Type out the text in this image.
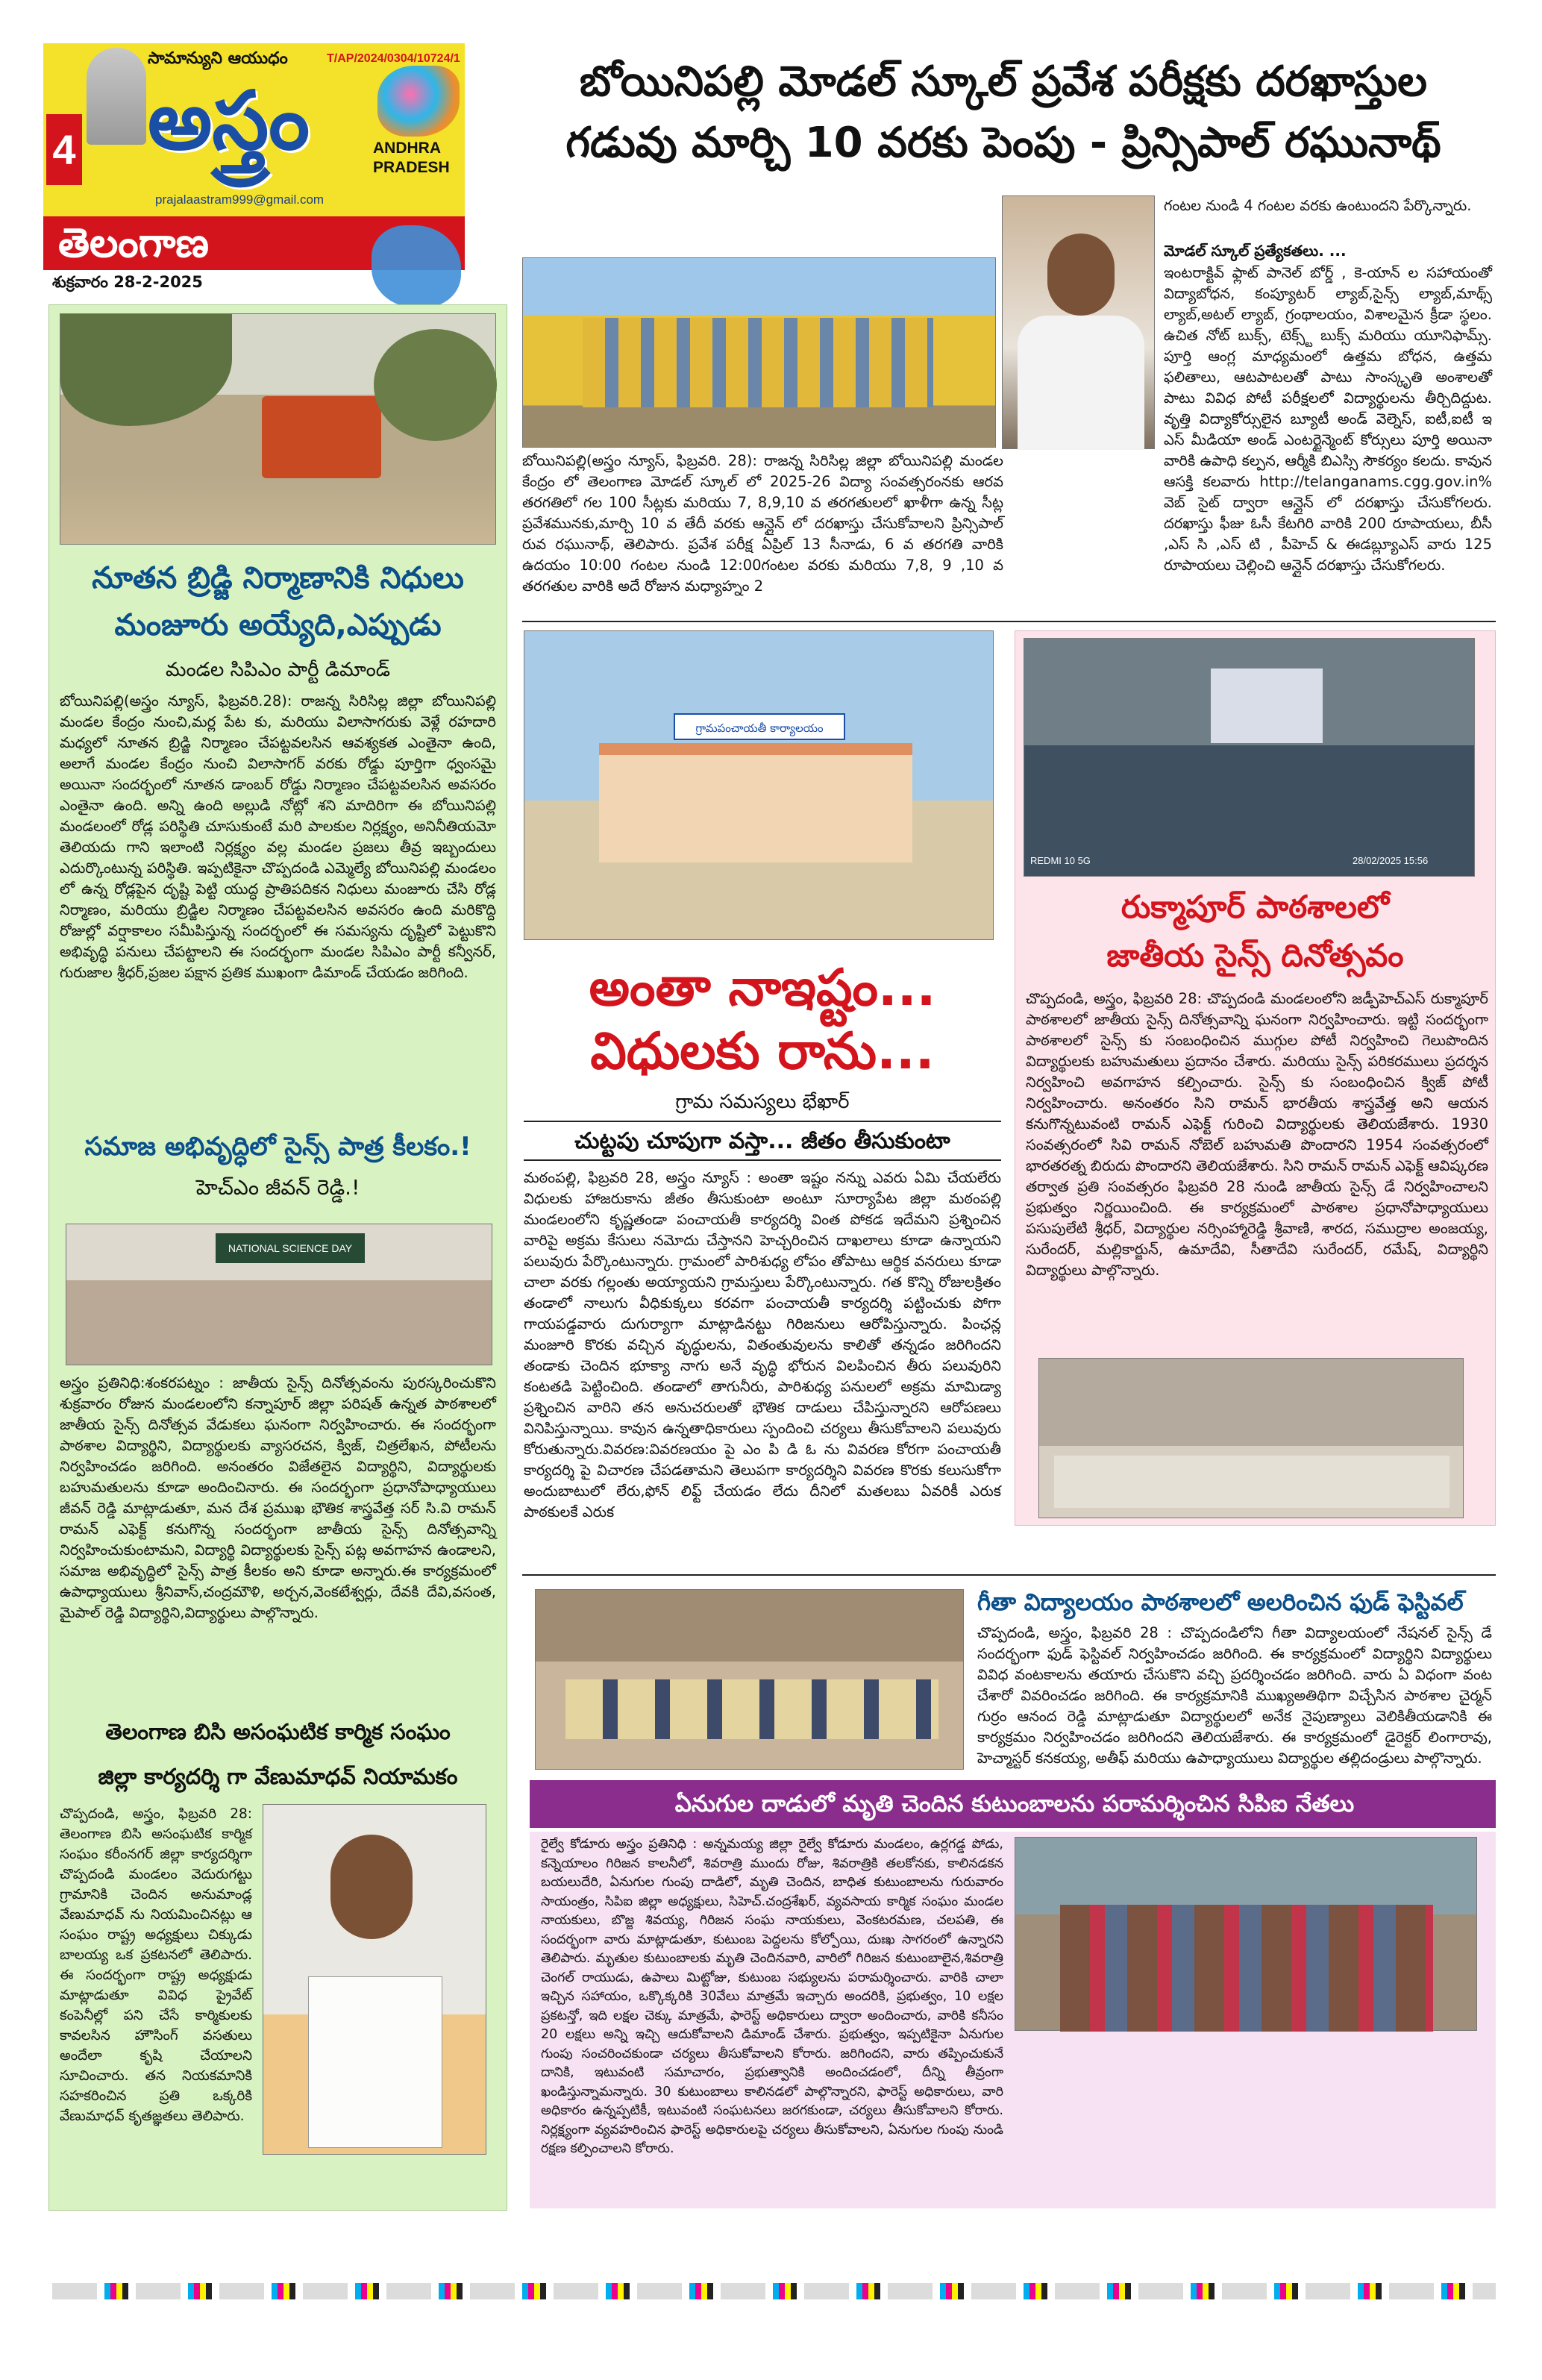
4
సామాన్యుని ఆయుధం	T/AP/2024/0304/10724/1
అస్త్రం	ANDHRA PRADESH
prajalaastram999@gmail.com
తెలంగాణ
శుక్రవారం 28-2-2025
బోయినిపల్లి మోడల్ స్కూల్ ప్రవేశ పరీక్షకు దరఖాస్తుల
గడువు మార్చి 10 వరకు పెంపు - ప్రిన్సిపాల్ రఘునాథ్
బోయినిపల్లి(అస్త్రం న్యూస్, ఫిబ్రవరి. 28): రాజన్న సిరిసిల్ల జిల్లా బోయినిపల్లి మండల కేంద్రం లో తెలంగాణ మోడల్ స్కూల్ లో 2025-26 విద్యా సంవత్సరంనకు ఆరవ తరగతిలో గల 100 సీట్లకు మరియు 7, 8,9,10 వ తరగతులలో ఖాళీగా ఉన్న సీట్ల ప్రవేశమునకు,మార్చి 10 వ తేదీ వరకు ఆన్లైన్ లో దరఖాస్తు చేసుకోవాలని ప్రిన్సిపాల్ రువ రఘునాథ్, తెలిపారు. ప్రవేశ పరీక్ష ఏప్రిల్ 13 సీనాడు, 6 వ తరగతి వారికి ఉదయం 10:00 గంటల నుండి 12:00గంటల వరకు మరియు 7,8, 9 ,10 వ తరగతుల వారికి అదే రోజున మధ్యాహ్నం 2
గంటల నుండి 4 గంటల వరకు ఉంటుందని పేర్కొన్నారు.
మోడల్ స్కూల్ ప్రత్యేకతలు. ...
ఇంటరాక్టివ్ ఫ్లాట్ పానెల్ బోర్డ్ , కె-యాన్ ల సహాయంతో విద్యాబోధన, కంప్యూటర్ ల్యాబ్,సైన్స్ ల్యాబ్,మాథ్స్ ల్యాబ్,అటల్ ల్యాబ్, గ్రంథాలయం, విశాలమైన క్రీడా స్థలం. ఉచిత నోట్ బుక్స్, టెక్స్ట్ బుక్స్ మరియు యూనిఫామ్స్. పూర్తి ఆంగ్ల మాధ్యమంలో ఉత్తమ బోధన, ఉత్తమ ఫలితాలు, ఆటపాటలతో పాటు సాంస్కృతి అంశాలతో పాటు వివిధ పోటీ పరీక్షలలో విద్యార్థులను తీర్చిదిద్దుట. వృత్తి విద్యాకోర్సులైన బ్యూటీ అండ్ వెల్నెస్, ఐటీ,ఐటీ ఇ ఎస్ మీడియా అండ్ ఎంటర్టైన్మెంట్ కోర్సులు పూర్తి అయినా వారికి ఉపాధి కల్పన, ఆర్మీకి బిఎస్సి సౌకర్యం కలదు. కావున ఆసక్తి కలవారు http://telanganams.cgg.gov.in% వెబ్ సైట్ ద్వారా ఆన్లైన్ లో దరఖాస్తు చేసుకోగలరు. దరఖాస్తు ఫీజు ఓసీ కేటగిరి వారికి 200 రూపాయలు, బీసీ ,ఎస్ సి ,ఎస్ టి , పీహెచ్ & ఈడబ్ల్యూఎస్ వారు 125 రూపాయలు చెల్లించి ఆన్లైన్ దరఖాస్తు చేసుకోగలరు.
నూతన బ్రిడ్జి నిర్మాణానికి నిధులు
మంజూరు అయ్యేది,ఎప్పుడు
మండల సిపిఎం పార్టీ డిమాండ్
బోయినిపల్లి(అస్త్రం న్యూస్, ఫిబ్రవరి.28): రాజన్న సిరిసిల్ల జిల్లా బోయినిపల్లి మండల కేంద్రం నుంచి,మర్ల పేట కు, మరియు విలాసాగరుకు వెళ్లే రహదారి మధ్యలో నూతన బ్రిడ్జి నిర్మాణం చేపట్టవలసిన ఆవశ్యకత ఎంతైనా ఉంది, అలాగే మండల కేంద్రం నుంచి విలాసాగర్ వరకు రోడ్డు పూర్తిగా ధ్వంసమై అయినా సందర్భంలో నూతన డాంబర్ రోడ్డు నిర్మాణం చేపట్టవలసిన అవసరం ఎంతైనా ఉంది. అన్ని ఉంది అల్లుడి నోట్లో శని మాదిరిగా ఈ బోయినిపల్లి మండలంలో రోడ్ల పరిస్థితి చూసుకుంటే మరి పాలకుల నిర్లక్ష్యం, అనినీతియమో తెలియదు గాని ఇలాంటి నిర్లక్ష్యం వల్ల మండల ప్రజలు తీవ్ర ఇబ్బందులు ఎదుర్కొంటున్న పరిస్థితి. ఇప్పటికైనా చొప్పదండి ఎమ్మెల్యే బోయినిపల్లి మండలం లో ఉన్న రోడ్లపైన దృష్టి పెట్టి యుద్ధ ప్రాతిపదికన నిధులు మంజూరు చేసి రోడ్ల నిర్మాణం, మరియు బ్రిడ్జిల నిర్మాణం చేపట్టవలసిన అవసరం ఉంది మరికొద్ది రోజుల్లో వర్షాకాలం సమీపిస్తున్న సందర్భంలో ఈ సమస్యను దృష్టిలో పెట్టుకొని అభివృద్ధి పనులు చేపట్టాలని ఈ సందర్భంగా మండల సిపిఎం పార్టీ కన్వీనర్, గురుజాల శ్రీధర్,ప్రజల పక్షాన ప్రతిక ముఖంగా డిమాండ్ చేయడం జరిగింది.
సమాజ అభివృద్ధిలో సైన్స్ పాత్ర కీలకం.!
హెచ్ఎం జీవన్ రెడ్డి.!
NATIONAL SCIENCE DAY
అస్త్రం ప్రతినిధి:శంకరపట్నం : జాతీయ సైన్స్ దినోత్సవంను పురస్కరించుకొని శుక్రవారం రోజున మండలంలోని కన్నాపూర్ జిల్లా పరిషత్ ఉన్నత పాఠశాలలో జాతీయ సైన్స్ దినోత్సవ వేడుకలు ఘనంగా నిర్వహించారు. ఈ సందర్భంగా పాఠశాల విద్యార్థిని, విద్యార్థులకు వ్యాసరచన, క్విజ్, చిత్రలేఖన, పోటీలను నిర్వహించడం జరిగింది. అనంతరం విజేతలైన విద్యార్థిని, విద్యార్థులకు బహుమతులను కూడా అందించినారు. ఈ సందర్భంగా ప్రధానోపాధ్యాయులు జీవన్ రెడ్డి మాట్లాడుతూ, మన దేశ ప్రముఖ భౌతిక శాస్త్రవేత్త సర్ సి.వి రామన్ రామన్ ఎఫెక్ట్ కనుగొన్న సందర్భంగా జాతీయ సైన్స్ దినోత్సవాన్ని నిర్వహించుకుంటామని, విద్యార్థి విద్యార్థులకు సైన్స్ పట్ల అవగాహన ఉండాలని, సమాజ అభివృద్ధిలో సైన్స్ పాత్ర కీలకం అని కూడా అన్నారు.ఈ కార్యక్రమంలో ఉపాధ్యాయులు శ్రీనివాస్,చంద్రమౌళి, అర్చన,వెంకటేశ్వర్లు, దేవకి దేవి,వసంత, మైపాల్ రెడ్డి విద్యార్థిని,విద్యార్థులు పాల్గొన్నారు.
తెలంగాణ బిసి అసంఘటిక కార్మిక సంఘం
జిల్లా కార్యదర్శి గా వేణుమాధవ్ నియామకం
చొప్పదండి, అస్త్రం, ఫిబ్రవరి 28: తెలంగాణ బిసి అసంఘటిక కార్మిక సంఘం కరీంనగర్ జిల్లా కార్యదర్శిగా చొప్పదండి మండలం వెదురుగట్టు గ్రామానికి చెందిన అనుమాండ్ల వేణుమాధవ్ ను నియమించినట్లు ఆ సంఘం రాష్ట్ర అధ్యక్షులు చిక్కుడు బాలయ్య ఒక ప్రకటనలో తెలిపారు. ఈ సందర్భంగా రాష్ట్ర అధ్యక్షుడు మాట్లాడుతూ వివిధ ప్రైవేట్ కంపెనీల్లో పని చేసే కార్మికులకు కావలసిన హౌసింగ్ వసతులు అందేలా కృషి చేయాలని సూచించారు. తన నియకమానికి సహకరించిన ప్రతి ఒక్కరికి వేణుమాధవ్ కృతజ్ఞతలు తెలిపారు.
గ్రామపంచాయతీ కార్యాలయం
అంతా నాఇష్టం...
విధులకు రాను...
గ్రామ సమస్యలు భేఖార్
చుట్టపు చూపుగా వస్తా... జీతం తీసుకుంటా
మఠంపల్లి, ఫిబ్రవరి 28, అస్త్రం న్యూస్ : అంతా ఇష్టం నన్ను ఎవరు ఏమి చేయలేరు విధులకు హాజరుకాను జీతం తీసుకుంటా అంటూ సూర్యాపేట జిల్లా మఠంపల్లి మండలంలోని కృష్ణతండా పంచాయతీ కార్యదర్శి వింత పోకడ ఇదేమని ప్రశ్నించిన వారిపై అక్రమ కేసులు నమోదు చేస్తానని హెచ్చరించిన దాఖలాలు కూడా ఉన్నాయని పలువురు పేర్కొంటున్నారు. గ్రామంలో పారిశుధ్య లోపం తోపాటు ఆర్థిక వనరులు కూడా చాలా వరకు గల్లంతు అయ్యాయని గ్రామస్తులు పేర్కొంటున్నారు. గత కొన్ని రోజులక్రితం తండాలో నాలుగు వీధికుక్కలు కరవగా పంచాయతీ కార్యదర్శి పట్టించుకు పోగా గాయపడ్డవారు దుగుర్యాగా మాట్లాడినట్టు గిరిజనులు ఆరోపిస్తున్నారు. పింఛన్ల మంజూరి కొరకు వచ్చిన వృద్ధులను, వితంతువులను కాలితో తన్నడం జరిగిందని తండాకు చెందిన భూక్యా నాగు అనే వృద్ధి భోరున విలపించిన తీరు పలువురిని కంటతడి పెట్టించింది. తండాలో తాగునీరు, పారిశుధ్య పనులలో అక్రమ మామిడ్యా ప్రశ్నించిన వారిని తన అనుచరులతో భౌతిక దాడులు చేపిస్తున్నారని ఆరోపణలు వినిపిస్తున్నాయి. కావున ఉన్నతాధికారులు స్పందించి చర్యలు తీసుకోవాలని పలువురు కోరుతున్నారు.వివరణ:వివరణయం పై ఎం పి డి ఓ ను వివరణ కోరగా పంచాయతీ కార్యదర్శి పై విచారణ చేపడతామని తెలుపగా కార్యదర్శిని వివరణ కొరకు కలుసుకోగా అందుబాటులో లేరు,ఫోన్ లిఫ్ట్ చేయడం లేదు దీనిలో మతలబు ఏవరికీ ఎరుక పాఠకులకే ఎరుక
REDMI 10 5G	28/02/2025 15:56
రుక్మాపూర్ పాఠశాలలో
జాతీయ సైన్స్ దినోత్సవం
చొప్పదండి, అస్త్రం, ఫిబ్రవరి 28: చొప్పదండి మండలంలోని జడ్పీహెచ్ఎస్ రుక్మాపూర్ పాఠశాలలో జాతీయ సైన్స్ దినోత్సవాన్ని ఘనంగా నిర్వహించారు. ఇట్టి సందర్భంగా పాఠశాలలో సైన్స్ కు సంబంధించిన ముగ్గుల పోటీ నిర్వహించి గెలుపొందిన విద్యార్థులకు బహుమతులు ప్రదానం చేశారు. మరియు సైన్స్ పరికరములు ప్రదర్శన నిర్వహించి అవగాహన కల్పించారు. సైన్స్ కు సంబంధించిన క్విజ్ పోటీ నిర్వహించారు. అనంతరం సిని రామన్ భారతీయ శాస్త్రవేత్త అని ఆయన కనుగొన్నటువంటి రామన్ ఎఫెక్ట్ గురించి విద్యార్థులకు తెలియజేశారు. 1930 సంవత్సరంలో సివి రామన్ నోబెల్ బహుమతి పొందారని 1954 సంవత్సరంలో భారతరత్న బిరుదు పొందారని తెలియజేశారు. సిని రామన్ రామన్ ఎఫెక్ట్ ఆవిష్కరణ తర్వాత ప్రతి సంవత్సరం ఫిబ్రవరి 28 నుండి జాతీయ సైన్స్ డే నిర్వహించాలని ప్రభుత్వం నిర్ణయించింది. ఈ కార్యక్రమంలో పాఠశాల ప్రధానోపాధ్యాయులు పసుపులేటి శ్రీధర్, విద్యార్థుల నర్సింహ్మారెడ్డి శ్రీవాణి, శారద, సముద్రాల అంజయ్య, సురేందర్, మల్లికార్జున్, ఉమాదేవి, సీతాదేవి సురేందర్, రమేష్, విద్యార్థిని విద్యార్థులు పాల్గొన్నారు.
గీతా విద్యాలయం పాఠశాలలో అలరించిన ఫుడ్ ఫెస్టివల్
చొప్పదండి, అస్త్రం, ఫిబ్రవరి 28 : చొప్పదండిలోని గీతా విద్యాలయంలో నేషనల్ సైన్స్ డే సందర్భంగా ఫుడ్ ఫెస్టివల్ నిర్వహించడం జరిగింది. ఈ కార్యక్రమంలో విద్యార్థిని విద్యార్థులు వివిధ వంటకాలను తయారు చేసుకొని వచ్చి ప్రదర్శించడం జరిగింది. వారు ఏ విధంగా వంట చేశారో వివరించడం జరిగింది. ఈ కార్యక్రమానికి ముఖ్యఅతిథిగా విచ్చేసిన పాఠశాల చైర్మన్ గుర్రం ఆనంద రెడ్డి మాట్లాడుతూ విద్యార్థులలో అనేక నైపుణ్యాలు వెలికితీయడానికి ఈ కార్యక్రమం నిర్వహించడం జరిగిందని తెలియజేశారు. ఈ కార్యక్రమంలో డైరెక్టర్ లింగారావు, హెచ్మాస్టర్ కనకయ్య, అతీఫ్ మరియు ఉపాధ్యాయులు విద్యార్థుల తల్లిదండ్రులు పాల్గొన్నారు.
ఏనుగుల దాడులో మృతి చెందిన కుటుంబాలను పరామర్శించిన సిపిఐ నేతలు
రైల్వే కోడూరు అస్త్రం ప్రతినిధి : అన్నమయ్య జిల్లా రైల్వే కోడూరు మండలం, ఉర్లగడ్డ పోడు, కన్నెయాలం గిరిజన కాలనీలో, శివరాత్రి ముందు రోజు, శివరాత్రికి తలకోనకు, కాలినడకన బయలుదేరి, ఏనుగుల గుంపు దాడిలో, మృతి చెందిన, బాధిత కుటుంబాలను గురువారం సాయంత్రం, సిపిఐ జిల్లా అధ్యక్షులు, సిహెచ్.చంద్రశేఖర్, వ్యవసాయ కార్మిక సంఘం మండల నాయకులు, బొజ్జ శివయ్య, గిరిజన సంఘ నాయకులు, వెంకటరమణ, చలపతి, ఈ సందర్భంగా వారు మాట్లాడుతూ, కుటుంబ పెద్దలను కోల్పోయి, దుఃఖ సాగరంలో ఉన్నారని తెలిపారు. మృతుల కుటుంబాలకు మృతి చెందినవారి, వారిలో గిరిజన కుటుంబాలైన,శివరాత్రి చెంగల్ రాయుడు, ఉపాలు మిట్టోజు, కుటుంబ సభ్యులను పరామర్శించారు. వారికి చాలా ఇచ్చిన సహాయం, ఒక్కొక్కరికి 30వేలు మాత్రమే ఇచ్చారు అందరికి, ప్రభుత్వం, 10 లక్షల ప్రకటన్తో, ఇది లక్షల చెక్కు మాత్రమే, ఫారెస్ట్ అధికారులు ద్వారా అందించారు, వారికి కనీసం 20 లక్షలు అన్ని ఇచ్చి ఆదుకోవాలని డిమాండ్ చేశారు. ప్రభుత్వం, ఇప్పటికైనా ఏనుగుల గుంపు సంచరించకుండా చర్యలు తీసుకోవాలని కోరారు. జరిగిందని, వారు తప్పించుకునే దానికి, ఇటువంటి సమాచారం, ప్రభుత్వానికి అందించడంలో, దీన్ని తీవ్రంగా ఖండిస్తున్నామన్నారు. 30 కుటుంబాలు కాలినడలో పాల్గొన్నారని, ఫారెస్ట్ అధికారులు, వారి అధికారం ఉన్నప్పటికీ, ఇటువంటి సంఘటనలు జరగకుండా, చర్యలు తీసుకోవాలని కోరారు. నిర్లక్ష్యంగా వ్యవహరించిన ఫారెస్ట్ అధికారులపై చర్యలు తీసుకోవాలని, ఏనుగుల గుంపు నుండి రక్షణ కల్పించాలని కోరారు.
